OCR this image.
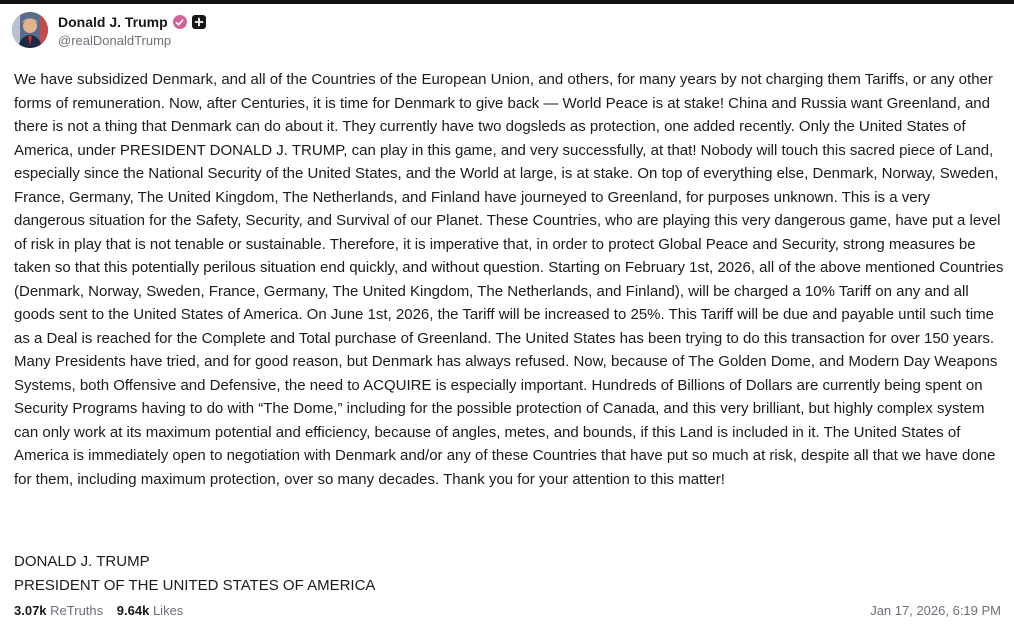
Donald J. Trump
@realDonaldTrump
We have subsidized Denmark, and all of the Countries of the European Union, and others, for many years by not charging them Tariffs, or any other forms of remuneration. Now, after Centuries, it is time for Denmark to give back — World Peace is at stake! China and Russia want Greenland, and there is not a thing that Denmark can do about it. They currently have two dogsleds as protection, one added recently. Only the United States of America, under PRESIDENT DONALD J. TRUMP, can play in this game, and very successfully, at that! Nobody will touch this sacred piece of Land, especially since the National Security of the United States, and the World at large, is at stake. On top of everything else, Denmark, Norway, Sweden, France, Germany, The United Kingdom, The Netherlands, and Finland have journeyed to Greenland, for purposes unknown. This is a very dangerous situation for the Safety, Security, and Survival of our Planet. These Countries, who are playing this very dangerous game, have put a level of risk in play that is not tenable or sustainable. Therefore, it is imperative that, in order to protect Global Peace and Security, strong measures be taken so that this potentially perilous situation end quickly, and without question. Starting on February 1st, 2026, all of the above mentioned Countries (Denmark, Norway, Sweden, France, Germany, The United Kingdom, The Netherlands, and Finland), will be charged a 10% Tariff on any and all goods sent to the United States of America. On June 1st, 2026, the Tariff will be increased to 25%. This Tariff will be due and payable until such time as a Deal is reached for the Complete and Total purchase of Greenland. The United States has been trying to do this transaction for over 150 years. Many Presidents have tried, and for good reason, but Denmark has always refused. Now, because of The Golden Dome, and Modern Day Weapons Systems, both Offensive and Defensive, the need to ACQUIRE is especially important. Hundreds of Billions of Dollars are currently being spent on Security Programs having to do with “The Dome,” including for the possible protection of Canada, and this very brilliant, but highly complex system can only work at its maximum potential and efficiency, because of angles, metes, and bounds, if this Land is included in it. The United States of America is immediately open to negotiation with Denmark and/or any of these Countries that have put so much at risk, despite all that we have done for them, including maximum protection, over so many decades. Thank you for your attention to this matter!
DONALD J. TRUMP
PRESIDENT OF THE UNITED STATES OF AMERICA
3.07k ReTruths 9.64k Likes	Jan 17, 2026, 6:19 PM
